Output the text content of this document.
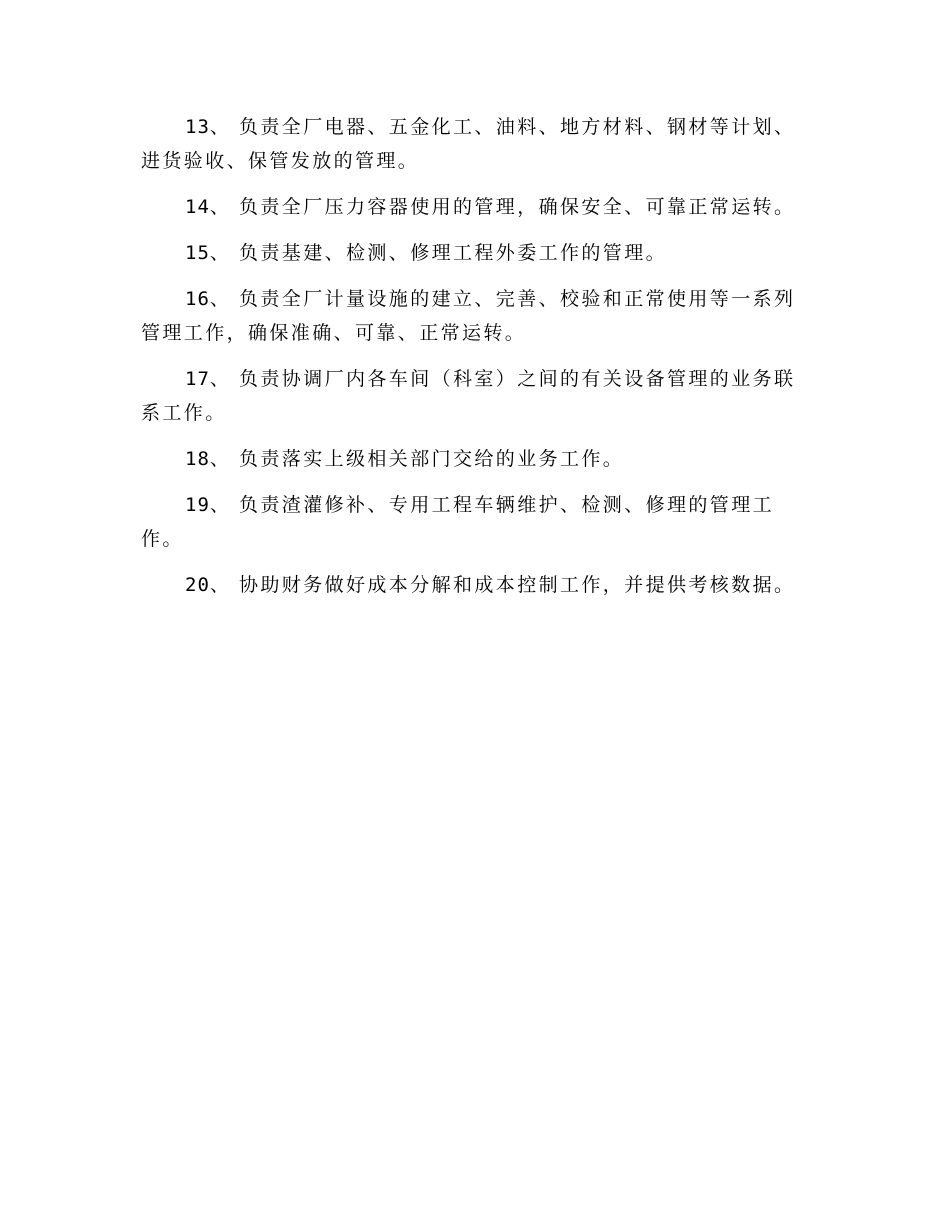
13、 负责全厂电器、五金化工、油料、地方材料、钢材等计划、进货验收、保管发放的管理。

14、 负责全厂压力容器使用的管理，确保安全、可靠正常运转。

15、 负责基建、检测、修理工程外委工作的管理。

16、 负责全厂计量设施的建立、完善、校验和正常使用等一系列管理工作，确保准确、可靠、正常运转。

17、 负责协调厂内各车间（科室）之间的有关设备管理的业务联系工作。

18、 负责落实上级相关部门交给的业务工作。

19、 负责渣灌修补、专用工程车辆维护、检测、修理的管理工作。

20、 协助财务做好成本分解和成本控制工作，并提供考核数据。
